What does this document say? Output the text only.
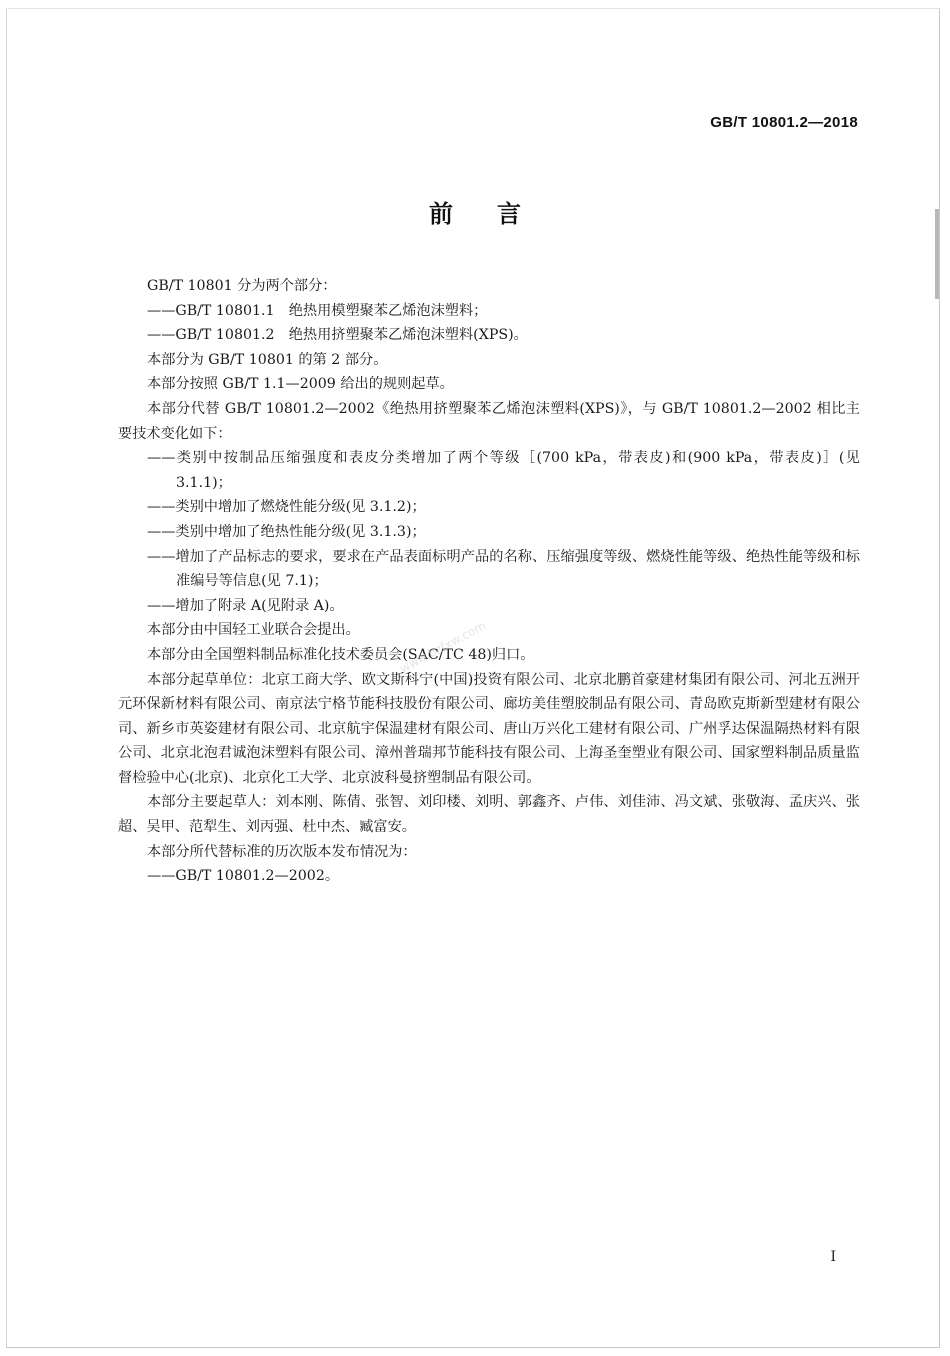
GB/T 10801.2—2018
前言

GB/T 10801 分为两个部分：

——GB/T 10801.1　绝热用模塑聚苯乙烯泡沫塑料；

——GB/T 10801.2　绝热用挤塑聚苯乙烯泡沫塑料(XPS)。

本部分为 GB/T 10801 的第 2 部分。

本部分按照 GB/T 1.1—2009 给出的规则起草。

本部分代替 GB/T 10801.2—2002《绝热用挤塑聚苯乙烯泡沫塑料(XPS)》，与 GB/T 10801.2—2002 相比主要技术变化如下：

——类别中按制品压缩强度和表皮分类增加了两个等级［(700 kPa，带表皮)和(900 kPa，带表皮)］(见 3.1.1)；

——类别中增加了燃烧性能分级(见 3.1.2)；

——类别中增加了绝热性能分级(见 3.1.3)；

——增加了产品标志的要求，要求在产品表面标明产品的名称、压缩强度等级、燃烧性能等级、绝热性能等级和标准编号等信息(见 7.1)；

——增加了附录 A(见附录 A)。

本部分由中国轻工业联合会提出。

本部分由全国塑料制品标准化技术委员会(SAC/TC 48)归口。

本部分起草单位：北京工商大学、欧文斯科宁(中国)投资有限公司、北京北鹏首豪建材集团有限公司、河北五洲开元环保新材料有限公司、南京法宁格节能科技股份有限公司、廊坊美佳塑胶制品有限公司、青岛欧克斯新型建材有限公司、新乡市英姿建材有限公司、北京航宇保温建材有限公司、唐山万兴化工建材有限公司、广州孚达保温隔热材料有限公司、北京北泡君诚泡沫塑料有限公司、漳州普瑞邦节能科技有限公司、上海圣奎塑业有限公司、国家塑料制品质量监督检验中心(北京)、北京化工大学、北京波科曼挤塑制品有限公司。

本部分主要起草人：刘本刚、陈倩、张智、刘印楼、刘明、郭鑫齐、卢伟、刘佳沛、冯文斌、张敬海、孟庆兴、张超、吴甲、范犁生、刘丙强、杜中杰、臧富安。

本部分所代替标准的历次版本发布情况为：

——GB/T 10801.2—2002。

www.bzfxw.com
I
